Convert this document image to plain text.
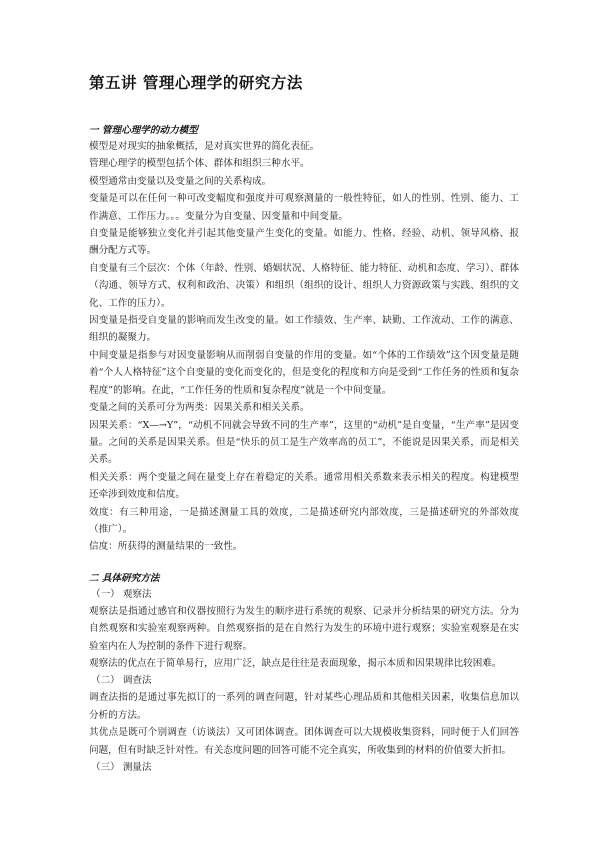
第五讲 管理心理学的研究方法
一 管理心理学的动力模型

模型是对现实的抽象概括，是对真实世界的简化表征。

管理心理学的模型包括个体、群体和组织三种水平。

模型通常由变量以及变量之间的关系构成。

变量是可以在任何一种可改变幅度和强度并可观察测量的一般性特征，如人的性别、性别、能力、工作满意、工作压力。。。变量分为自变量、因变量和中间变量。

自变量是能够独立变化并引起其他变量产生变化的变量。如能力、性格、经验、动机、领导风格、报酬分配方式等。

自变量有三个层次：个体（年龄、性别、婚姻状况、人格特征、能力特征、动机和态度、学习）、群体（沟通、领导方式、权利和政治、决策）和组织（组织的设计、组织人力资源政策与实践、组织的文化、工作的压力）。

因变量是指受自变量的影响而发生改变的量。如工作绩效、生产率、缺勤、工作流动、工作的满意、组织的凝聚力。

中间变量是指参与对因变量影响从而削弱自变量的作用的变量。如“个体的工作绩效”这个因变量是随着“个人人格特征”这个自变量的变化而变化的，但是变化的程度和方向是受到“工作任务的性质和复杂程度”的影响。在此，“工作任务的性质和复杂程度”就是一个中间变量。

变量之间的关系可分为两类：因果关系和相关关系。

因果关系：“X—→Y”，“动机不同就会导致不同的生产率”，这里的“动机”是自变量，“生产率”是因变量。之间的关系是因果关系。但是“快乐的员工是生产效率高的员工”，不能说是因果关系，而是相关关系。

相关关系：两个变量之间在量变上存在着稳定的关系。通常用相关系数来表示相关的程度。构建模型还牵涉到效度和信度。

效度：有三种用途，一是描述测量工具的效度，二是描述研究内部效度，三是描述研究的外部效度（推广）。

信度：所获得的测量结果的一致性。

二 具体研究方法

（一） 观察法

观察法是指通过感官和仪器按照行为发生的顺序进行系统的观察、记录并分析结果的研究方法。分为自然观察和实验室观察两种。自然观察指的是在自然行为发生的环境中进行观察；实验室观察是在实验室内在人为控制的条件下进行观察。

观察法的优点在于简单易行，应用广泛，缺点是往往是表面现象，揭示本质和因果规律比较困难。

（二） 调查法

调查法指的是通过事先拟订的一系列的调查问题，针对某些心理品质和其他相关因素，收集信息加以分析的方法。

其优点是既可个别调查（访谈法）又可团体调查。团体调查可以大规模收集资料，同时便于人们回答问题，但有时缺乏针对性。有关态度问题的回答可能不完全真实，所收集到的材料的价值要大折扣。

（三） 测量法
